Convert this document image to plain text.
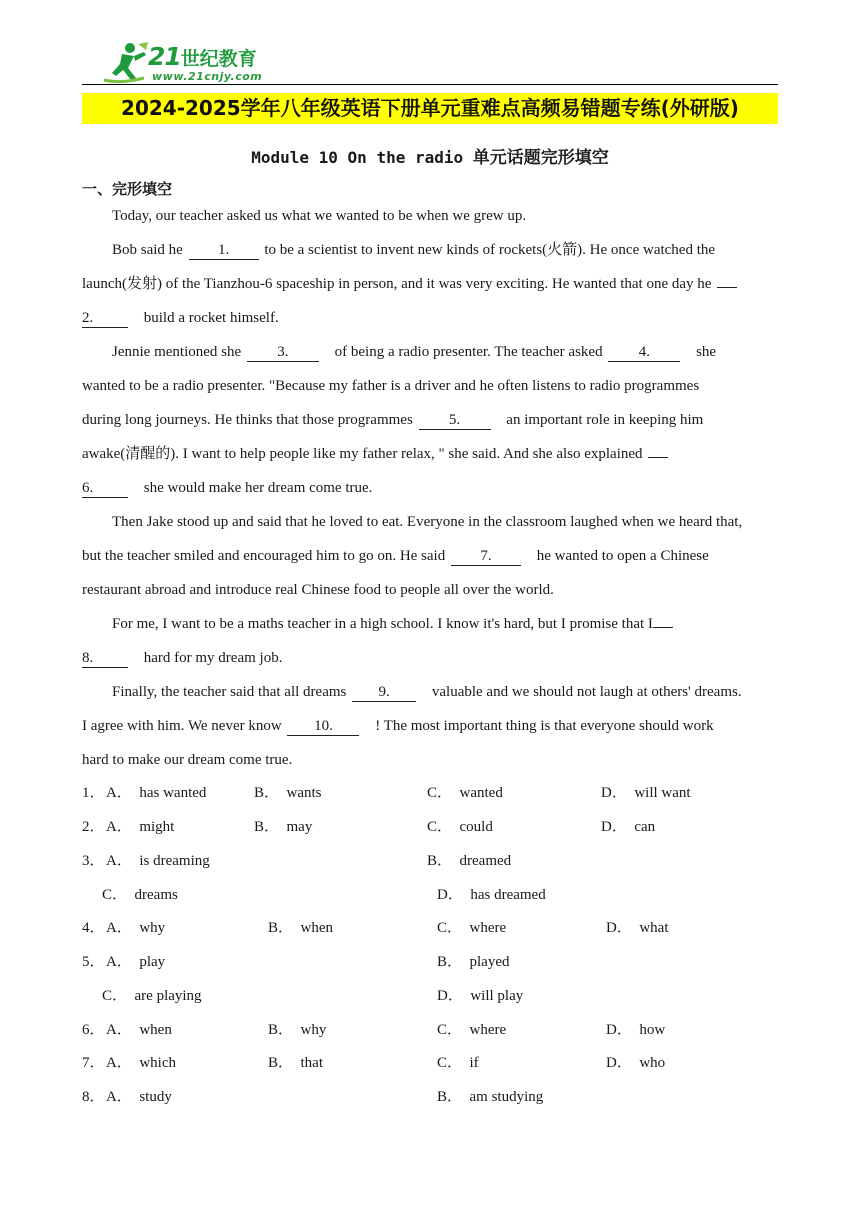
21世纪教育
www.21cnjy.com
2024-2025学年八年级英语下册单元重难点高频易错题专练(外研版)
Module 10 On the radio 单元话题完形填空
一、完形填空
Today, our teacher asked us what we wanted to be when we grew up.
Bob said he 1. to be a scientist to invent new kinds of rockets(火箭). He once watched the
launch(发射) of the Tianzhou-6 spaceship in person, and it was very exciting. He wanted that one day he
2.	build a rocket himself.
Jennie mentioned she 3.	of being a radio presenter. The teacher asked 4.	she
wanted to be a radio presenter. "Because my father is a driver and he often listens to radio programmes
during long journeys. He thinks that those programmes 5.	an important role in keeping him
awake(清醒的). I want to help people like my father relax, " she said. And she also explained
6.	she would make her dream come true.
Then Jake stood up and said that he loved to eat. Everyone in the classroom laughed when we heard that,
but the teacher smiled and encouraged him to go on. He said 7.	he wanted to open a Chinese
restaurant abroad and introduce real Chinese food to people all over the world.
For me, I want to be a maths teacher in a high school. I know it's hard, but I promise that I
8.	hard for my dream job.
Finally, the teacher said that all dreams 9.	valuable and we should not laugh at others' dreams.
I agree with him. We never know 10.	! The most important thing is that everyone should work
hard to make our dream come true.
1． A．　has wanted	B．　wants	C．　wanted	D．　will want
2． A．　might	B．　may	C．　could	D．　can
3． A．　is dreaming	B．　dreamed
C．　dreams	D．　has dreamed
4． A．　why	B．　when	C．　where	D．　what
5． A．　play	B．　played
C．　are playing	D．　will play
6． A．　when	B．　why	C．　where	D．　how
7． A．　which	B．　that	C．　if	D．　who
8． A．　study	B．　am studying
